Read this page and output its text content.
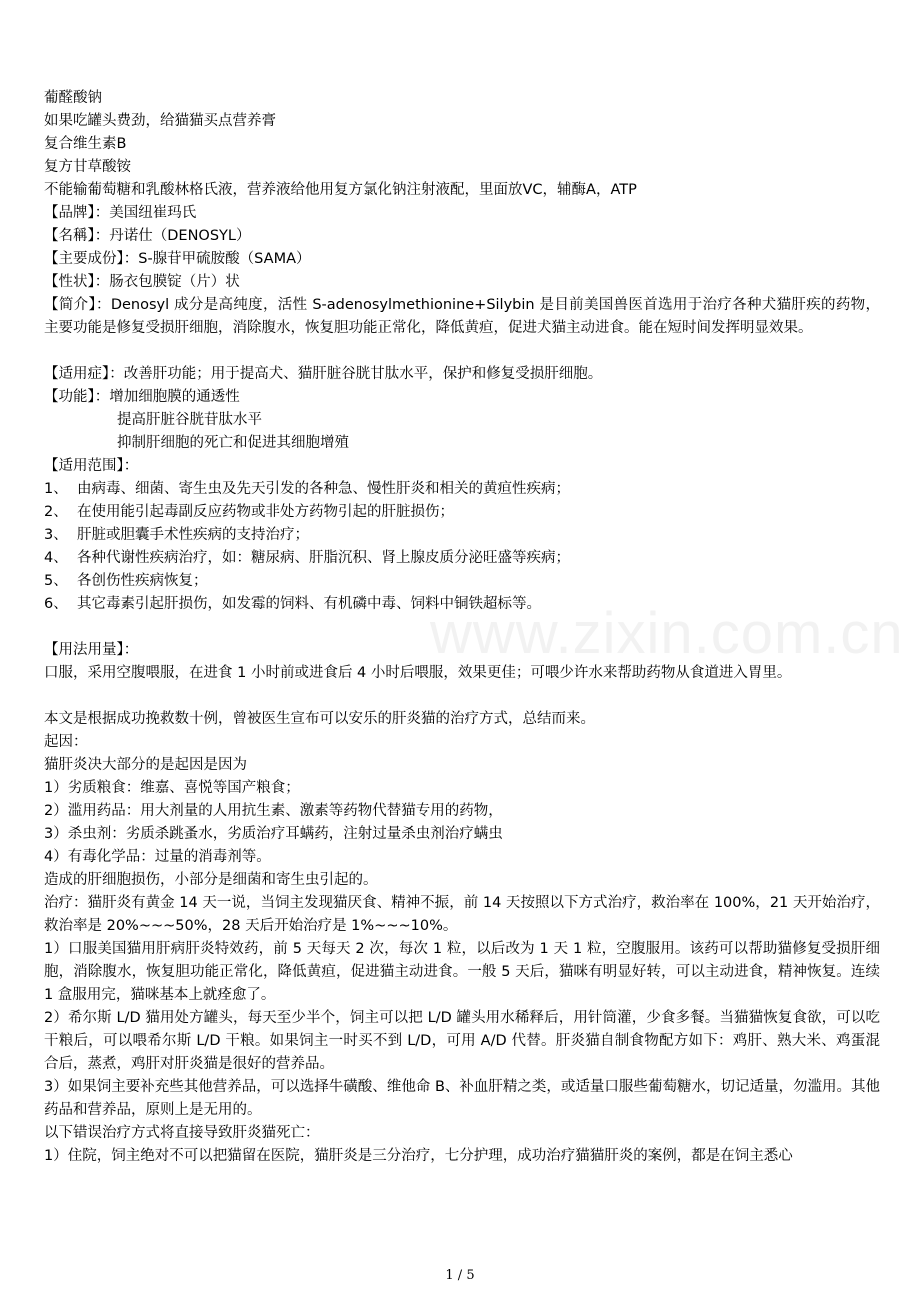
www.zixin.com.cn
葡醛酸钠
如果吃罐头费劲，给猫猫买点营养膏
复合维生素B
复方甘草酸铵
不能输葡萄糖和乳酸林格氏液，营养液给他用复方氯化钠注射液配，里面放VC，辅酶A，ATP
【品牌】：美国纽崔玛氏
【名稱】：丹诺仕（DENOSYL）
【主要成份】：S-腺苷甲硫胺酸（SAMA）
【性状】：肠衣包膜锭（片）状
【简介】：Denosyl 成分是高纯度，活性 S-adenosylmethionine+Silybin 是目前美国兽医首选用于治疗各种犬猫肝疾的药物，主要功能是修复受损肝细胞，消除腹水，恢复胆功能正常化，降低黄疸，促进犬猫主动进食。能在短时间发挥明显效果。
【适用症】：改善肝功能；用于提高犬、猫肝脏谷胱甘肽水平，保护和修复受损肝细胞。
【功能】：增加细胞膜的通透性
提高肝脏谷胱苷肽水平
抑制肝细胞的死亡和促进其细胞增殖
【适用范围】：
1、 由病毒、细菌、寄生虫及先天引发的各种急、慢性肝炎和相关的黄疸性疾病；
2、 在使用能引起毒副反应药物或非处方药物引起的肝脏损伤；
3、 肝脏或胆囊手术性疾病的支持治疗；
4、 各种代谢性疾病治疗，如：糖尿病、肝脂沉积、肾上腺皮质分泌旺盛等疾病；
5、 各创伤性疾病恢复；
6、 其它毒素引起肝损伤，如发霉的饲料、有机磷中毒、饲料中铜铁超标等。
【用法用量】：
口服，采用空腹喂服，在进食 1 小时前或进食后 4 小时后喂服，效果更佳；可喂少许水来帮助药物从食道进入胃里。
本文是根据成功挽救数十例，曾被医生宣布可以安乐的肝炎猫的治疗方式，总结而来。
起因：
猫肝炎决大部分的是起因是因为
1）劣质粮食：维嘉、喜悦等国产粮食；
2）滥用药品：用大剂量的人用抗生素、激素等药物代替猫专用的药物，
3）杀虫剂：劣质杀跳蚤水，劣质治疗耳螨药，注射过量杀虫剂治疗螨虫
4）有毒化学品：过量的消毒剂等。
造成的肝细胞损伤，小部分是细菌和寄生虫引起的。
治疗：猫肝炎有黄金 14 天一说，当饲主发现猫厌食、精神不振，前 14 天按照以下方式治疗，救治率在 100%，21 天开始治疗，救治率是 20%~~~50%，28 天后开始治疗是 1%~~~10%。
1）口服美国猫用肝病肝炎特效药，前 5 天每天 2 次，每次 1 粒，以后改为 1 天 1 粒，空腹服用。该药可以帮助猫修复受损肝细胞，消除腹水，恢复胆功能正常化，降低黄疸，促进猫主动进食。一般 5 天后，猫咪有明显好转，可以主动进食，精神恢复。连续 1 盒服用完，猫咪基本上就痊愈了。
2）希尔斯 L/D 猫用处方罐头，每天至少半个，饲主可以把 L/D 罐头用水稀释后，用针筒灌，少食多餐。当猫猫恢复食欲，可以吃干粮后，可以喂希尔斯 L/D 干粮。如果饲主一时买不到 L/D，可用 A/D 代替。肝炎猫自制食物配方如下：鸡肝、熟大米、鸡蛋混合后，蒸煮，鸡肝对肝炎猫是很好的营养品。
3）如果饲主要补充些其他营养品，可以选择牛磺酸、维他命 B、补血肝精之类，或适量口服些葡萄糖水，切记适量，勿滥用。其他药品和营养品，原则上是无用的。
以下错误治疗方式将直接导致肝炎猫死亡：
1）住院，饲主绝对不可以把猫留在医院，猫肝炎是三分治疗，七分护理，成功治疗猫猫肝炎的案例，都是在饲主悉心
1 / 5
